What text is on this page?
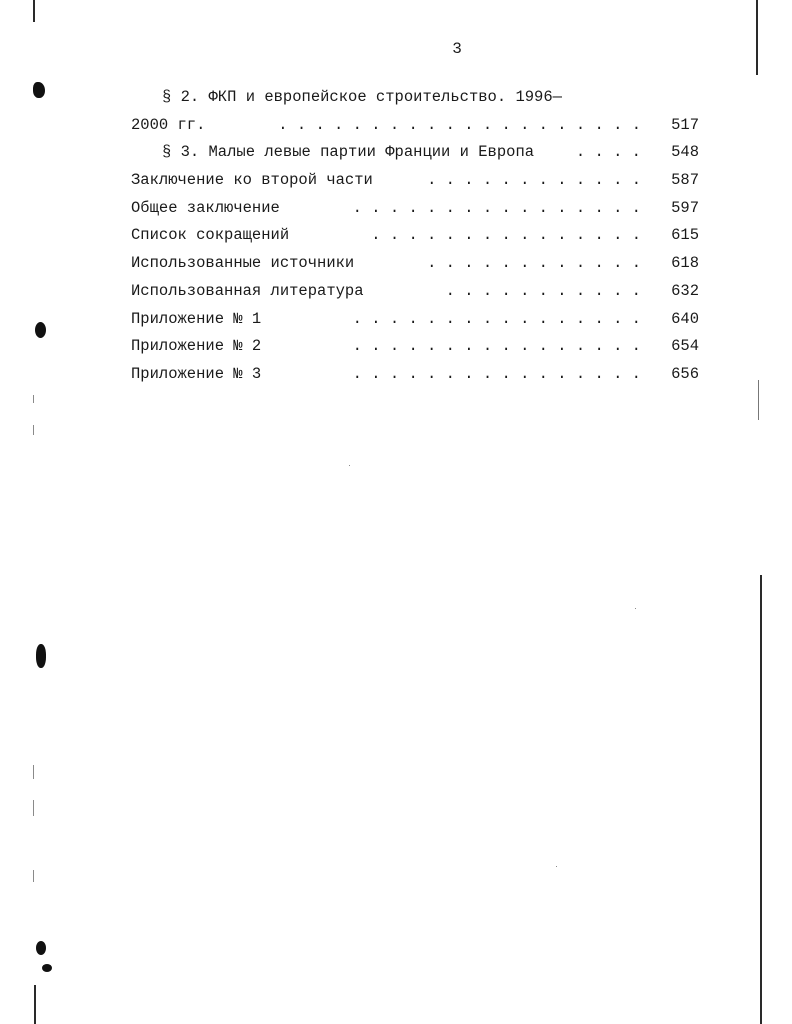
3
§ 2. ФКП и европейское строительство. 1996—
2000 гг.	. . . . . . . . . . . . . . . . . . . . 517
§ 3. Малые левые партии Франции и Европа	. . . . 548
Заключение ко второй части	. . . . . . . . . . . . 587
Общее заключение	. . . . . . . . . . . . . . . . 597
Список сокращений	. . . . . . . . . . . . . . . 615
Использованные источники	. . . . . . . . . . . . 618
Использованная литература	. . . . . . . . . . . 632
Приложение № 1	. . . . . . . . . . . . . . . . 640
Приложение № 2	. . . . . . . . . . . . . . . . 654
Приложение № 3	. . . . . . . . . . . . . . . . 656
